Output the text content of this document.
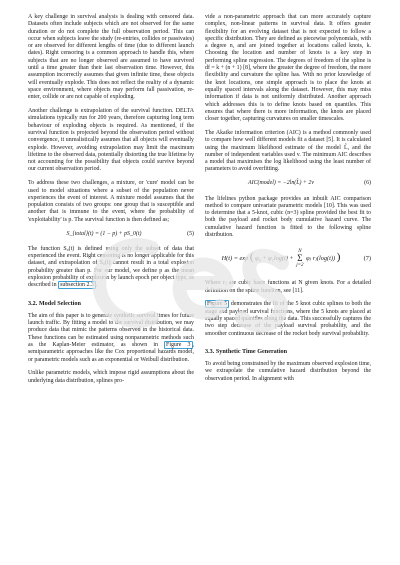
A key challenge in survival analysis is dealing with censored data. Datasets often include subjects which are not observed for the same duration or do not complete the full observation period. This can occur when subjects leave the study (re-entries, collides or passivates) or are observed for different lengths of time (due to different launch dates). Right censoring is a common approach to handle this, where subjects that are no longer observed are assumed to have survived until a time greater than their last observation time. However, this assumption incorrectly assumes that given infinite time, these objects will eventually explode. This does not reflect the reality of a dynamic space environment, where objects may perform fall passivation, re-enter, collide or are not capable of exploding.

Another challenge is extrapolation of the survival function. DELTA simulations typically run for 200 years, therefore capturing long term behaviour of exploding objects is required. As mentioned, if the survival function is projected beyond the observation period without convergence, it unrealistically assumes that all objects will eventually explode. However, avoiding extrapolation may limit the maximum lifetime to the observed data, potentially distorting the true lifetime by not accounting for the possibility that objects could survive beyond our current observation period.

To address these two challenges, a mixture, or 'cure' model can be used to model situations where a subset of the population never experiences the event of interest. A mixture model assumes that the population consists of two groups: one group that is susceptible and another that is immune to the event, where the probability of 'exploitability' is p. The survival function is then defined as;

S_{total}(t) = (1 − p) + pS_0(t)	(5)

The function S₀(t) is defined using only the subset of data that experienced the event. Right censoring is no longer applicable for this dataset, and extrapolation of S₀(t) cannot result in a total explosion probability greater than p. For our model, we define p as the mean explosion probability of explosion by launch epoch per object type, as described in subsection 2.3 .

3.2. Model Selection

The aim of this paper is to generate synthetic survival times for future launch traffic. By fitting a model to the survival distribution, we may produce data that mimic the patterns observed in the historical data. These functions can be estimated using nonparametric methods such as the Kaplan-Meier estimator, as shown in Figure 3 , semiparametric approaches like the Cox proportional hazards model, or parametric models such as an exponential or Weibull distribution.

Unlike parametric models, which impose rigid assumptions about the underlying data distribution, splines pro-

vide a non-parametric approach that can more accurately capture complex, non-linear patterns in survival data. It offers greater flexibility for an evolving dataset that is not expected to follow a specific distribution. They are defined as piecewise polynomials, with a degree n, and are joined together at locations called knots, k. Choosing the location and number of knots is a key step in performing spline regression. The degrees of freedom of the spline is df = k + (n + 1) [8], where the greater the degree of freedom, the more flexibility and curvature the spline has. With no prior knowledge of the knot locations, one simple approach is to place the knots at equally spaced intervals along the dataset. However, this may miss information if data is not uniformly distributed. Another approach which addresses this is to define knots based on quantiles. This ensures that where there is more information, the knots are placed closer together, capturing curvatures on smaller timescales.

The Akaike information criterion (AIC) is a method commonly used to compare how well different models fit a dataset [5]. It is calculated using the maximum likelihood estimate of the model L̂, and the number of independent variables used v. The minimum AIC describes a model that maximises the log likelihood using the least number of parameters to avoid overfitting.

AIC(model) = −2ln(L̂) + 2v	(6)

The lifelines python package provides an inbuilt AIC comparison method to compare univariate parametric models [10]. This was used to determine that a 5-knot, cubic (n=3) spline provided the best fit to both the payload and rocket body cumulative hazard curve. The cumulative hazard function is fitted to the following spline distribution.

H(t) = exp ( φ₀ + φ₁log(t) +
N
Σ
j=2
φⱼ rⱼ(log(t)) )	(7)

Where rⱼ are cubic basis functions at N given knots. For a detailed definition on the spline function, see [11].

Figure 5 demonstrates the fit of the 5 knot cubic splines to both the stage and payload survival functions, where the 5 knots are placed at equally spaced quantiles along the data. This successfully captures the two step decrease of the payload survival probability, and the smoother continuous decrease of the rocket body survival probability.

3.3. Synthetic Time Generation

To avoid being constrained by the maximum observed explosion time, we extrapolate the cumulative hazard distribution beyond the observation period. In alignment with
